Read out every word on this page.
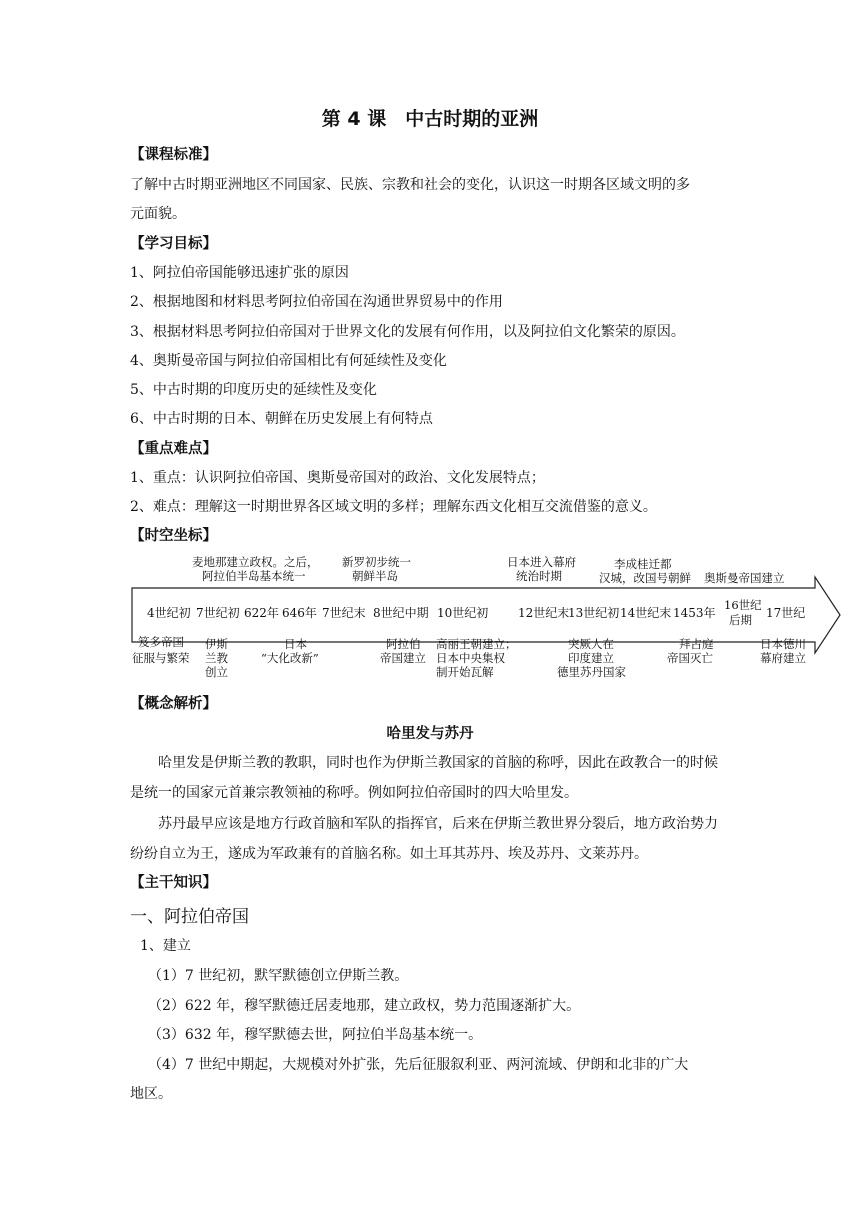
第 4 课　中古时期的亚洲
【课程标准】
了解中古时期亚洲地区不同国家、民族、宗教和社会的变化，认识这一时期各区域文明的多
元面貌。
【学习目标】
1、阿拉伯帝国能够迅速扩张的原因
2、根据地图和材料思考阿拉伯帝国在沟通世界贸易中的作用
3、根据材料思考阿拉伯帝国对于世界文化的发展有何作用，以及阿拉伯文化繁荣的原因。
4、奥斯曼帝国与阿拉伯帝国相比有何延续性及变化
5、中古时期的印度历史的延续性及变化
6、中古时期的日本、朝鲜在历史发展上有何特点
【重点难点】
1、重点：认识阿拉伯帝国、奥斯曼帝国对的政治、文化发展特点；
2、难点：理解这一时期世界各区域文明的多样；理解东西文化相互交流借鉴的意义。
【时空坐标】
麦地那建立政权。之后，
阿拉伯半岛基本统一
新罗初步统一
朝鲜半岛
日本进入幕府
统治时期
李成桂迁都
汉城，改国号朝鲜 奥斯曼帝国建立
4世纪初 7世纪初 622年 646年 7世纪末 8世纪中期 10世纪初 12世纪末
13世纪初 14世纪末 1453年
16世纪
后期 17世纪
笈多帝国
征服与繁荣
伊斯
兰教
创立
日本
“大化改新”
阿拉伯
帝国建立
高丽王朝建立；
日本中央集权
制开始瓦解
突厥人在
印度建立
德里苏丹国家
拜占庭
帝国灭亡
日本德川
幕府建立
【概念解析】
哈里发与苏丹
哈里发是伊斯兰教的教职，同时也作为伊斯兰教国家的首脑的称呼，因此在政教合一的时候是统一的国家元首兼宗教领袖的称呼。例如阿拉伯帝国时的四大哈里发。
苏丹最早应该是地方行政首脑和军队的指挥官，后来在伊斯兰教世界分裂后，地方政治势力纷纷自立为王，遂成为军政兼有的首脑名称。如土耳其苏丹、埃及苏丹、文莱苏丹。
【主干知识】
一、阿拉伯帝国
1、建立
（1）7 世纪初，默罕默德创立伊斯兰教。
（2）622 年，穆罕默德迁居麦地那，建立政权，势力范围逐渐扩大。
（3）632 年，穆罕默德去世，阿拉伯半岛基本统一。
（4）7 世纪中期起，大规模对外扩张，先后征服叙利亚、两河流域、伊朗和北非的广大
地区。
